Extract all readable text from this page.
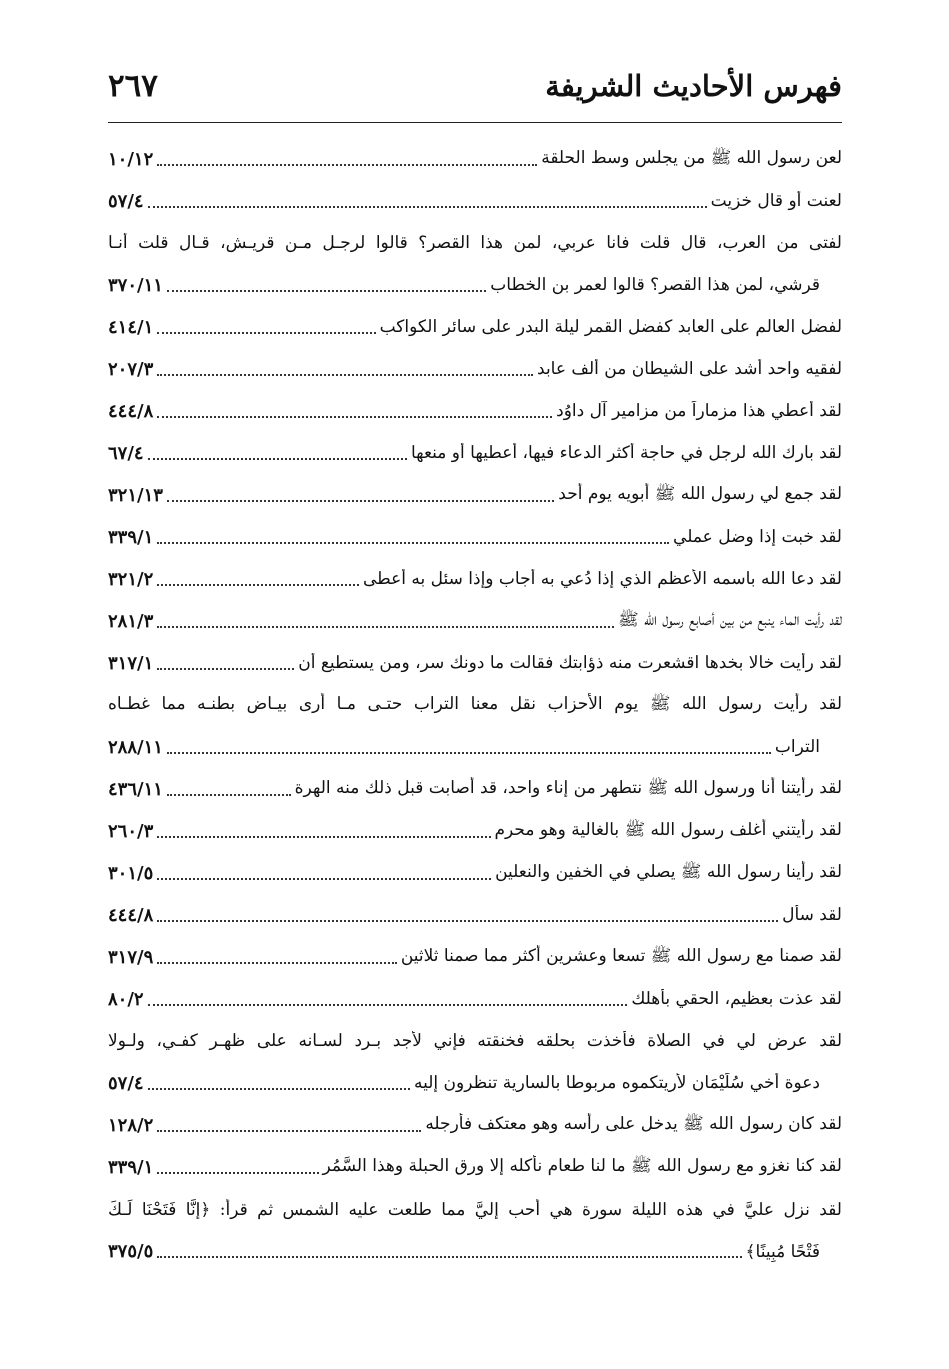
٢٦٧	فهرس الأحاديث الشريفة
١٠/١٢	لعن رسول الله ﷺ من يجلس وسط الحلقة
٥٧/٤	لعنت أو قال خزيت
لفتى من العرب، قال قلت فانا عربي، لمن هذا القصر؟ قالوا لرجـل مـن قريـش، قـال قلت أنـا
٣٧٠/١١	قرشي، لمن هذا القصر؟ قالوا لعمر بن الخطاب
٤١٤/١	لفضل العالم على العابد كفضل القمر ليلة البدر على سائر الكواكب
٢٠٧/٣	لفقيه واحد أشد على الشيطان من ألف عابد
٤٤٤/٨	لقد أعطي هذا مزماراً من مزامير آل داوُد
٦٧/٤	لقد بارك الله لرجل في حاجة أكثر الدعاء فيها، أعطيها أو منعها
٣٢١/١٣	لقد جمع لي رسول الله ﷺ أبويه يوم أحد
٣٣٩/١	لقد خبت إذا وضل عملي
٣٢١/٢	لقد دعا الله باسمه الأعظم الذي إذا دُعي به أجاب وإذا سئل به أعطى
٢٨١/٣	لقد رأيت الماء ينبع من بين أصابع رسول الله ﷺ
٣١٧/١	لقد رأيت خالا بخدها اقشعرت منه ذؤابتك فقالت ما دونك سر، ومن يستطيع أن
لقد رأيت رسول الله ﷺ يوم الأحزاب نقل معنا التراب حتـى مـا أرى بيـاض بطنـه مما غطـاه
٢٨٨/١١	التراب
٤٣٦/١١	لقد رأيتنا أنا ورسول الله ﷺ نتطهر من إناء واحد، قد أصابت قبل ذلك منه الهرة
٢٦٠/٣	لقد رأيتني أغلف رسول الله ﷺ بالغالية وهو محرم
٣٠١/٥	لقد رأينا رسول الله ﷺ يصلي في الخفين والنعلين
٤٤٤/٨	لقد سأل
٣١٧/٩	لقد صمنا مع رسول الله ﷺ تسعا وعشرين أكثر مما صمنا ثلاثين
٨٠/٢	لقد عذت بعظيم، الحقي بأهلك
لقد عرض لي في الصلاة فأخذت بحلقه فخنقته فإني لأجد بـرد لسـانه على ظهـر كفـي، ولـولا
٥٧/٤	دعوة أخي سُلَيْمَان لأريتكموه مربوطا بالسارية تنظرون إليه
١٢٨/٢	لقد كان رسول الله ﷺ يدخل على رأسه وهو معتكف فأرجله
٣٣٩/١	لقد كنا نغزو مع رسول الله ﷺ ما لنا طعام نأكله إلا ورق الحبلة وهذا السَّمُر
لقد نزل عليَّ في هذه الليلة سورة هي أحب إليَّ مما طلعت عليه الشمس ثم قرأ: ﴿إِنَّا فَتَحْنَا لَـكَ
٣٧٥/٥	فَتْحًا مُبِينًا﴾
